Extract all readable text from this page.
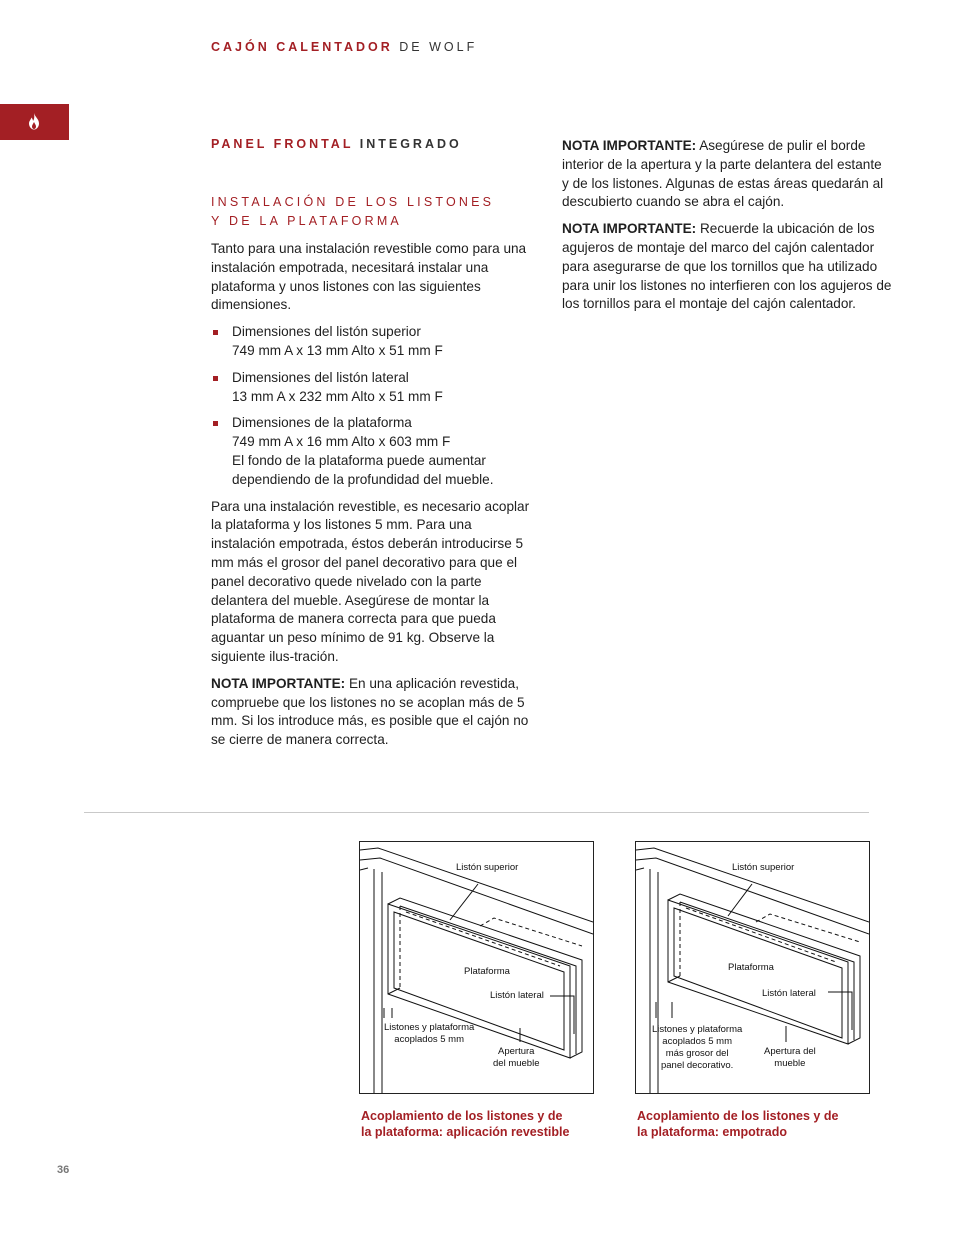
CAJÓN CALENTADOR DE WOLF
PANEL FRONTAL INTEGRADO
INSTALACIÓN DE LOS LISTONES
Y DE LA PLATAFORMA

Tanto para una instalación revestible como para una instalación empotrada, necesitará instalar una plataforma y unos listones con las siguientes dimensiones.

Dimensiones del listón superior
749 mm A x 13 mm Alto x 51 mm F
Dimensiones del listón lateral
13 mm A x 232 mm Alto x 51 mm F
Dimensiones de la plataforma
749 mm A x 16 mm Alto x 603 mm F
El fondo de la plataforma puede aumentar dependiendo de la profundidad del mueble.

Para una instalación revestible, es necesario acoplar la plataforma y los listones 5 mm. Para una instalación empotrada, éstos deberán introducirse 5 mm más el grosor del panel decorativo para que el panel decorativo quede nivelado con la parte delantera del mueble. Asegúrese de montar la plataforma de manera correcta para que pueda aguantar un peso mínimo de 91 kg. Observe la siguiente ilus-tración.

NOTA IMPORTANTE: En una aplicación revestida, compruebe que los listones no se acoplan más de 5 mm. Si los introduce más, es posible que el cajón no se cierre de manera correcta.

NOTA IMPORTANTE: Asegúrese de pulir el borde interior de la apertura y la parte delantera del estante y de los listones. Algunas de estas áreas quedarán al descubierto cuando se abra el cajón.

NOTA IMPORTANTE: Recuerde la ubicación de los agujeros de montaje del marco del cajón calentador para asegurarse de que los tornillos que ha utilizado para unir los listones no interfieren con los agujeros de los tornillos para el montaje del cajón calentador.

Listón superior
Plataforma
Listón lateral
Listones y plataforma
acoplados 5 mm
Apertura
del mueble
Acoplamiento de los listones y de
la plataforma: aplicación revestible
Listón superior
Plataforma
Listón lateral
Listones y plataforma
acoplados 5 mm
más grosor del
panel decorativo.
Apertura del
mueble
Acoplamiento de los listones y de
la plataforma: empotrado
36
